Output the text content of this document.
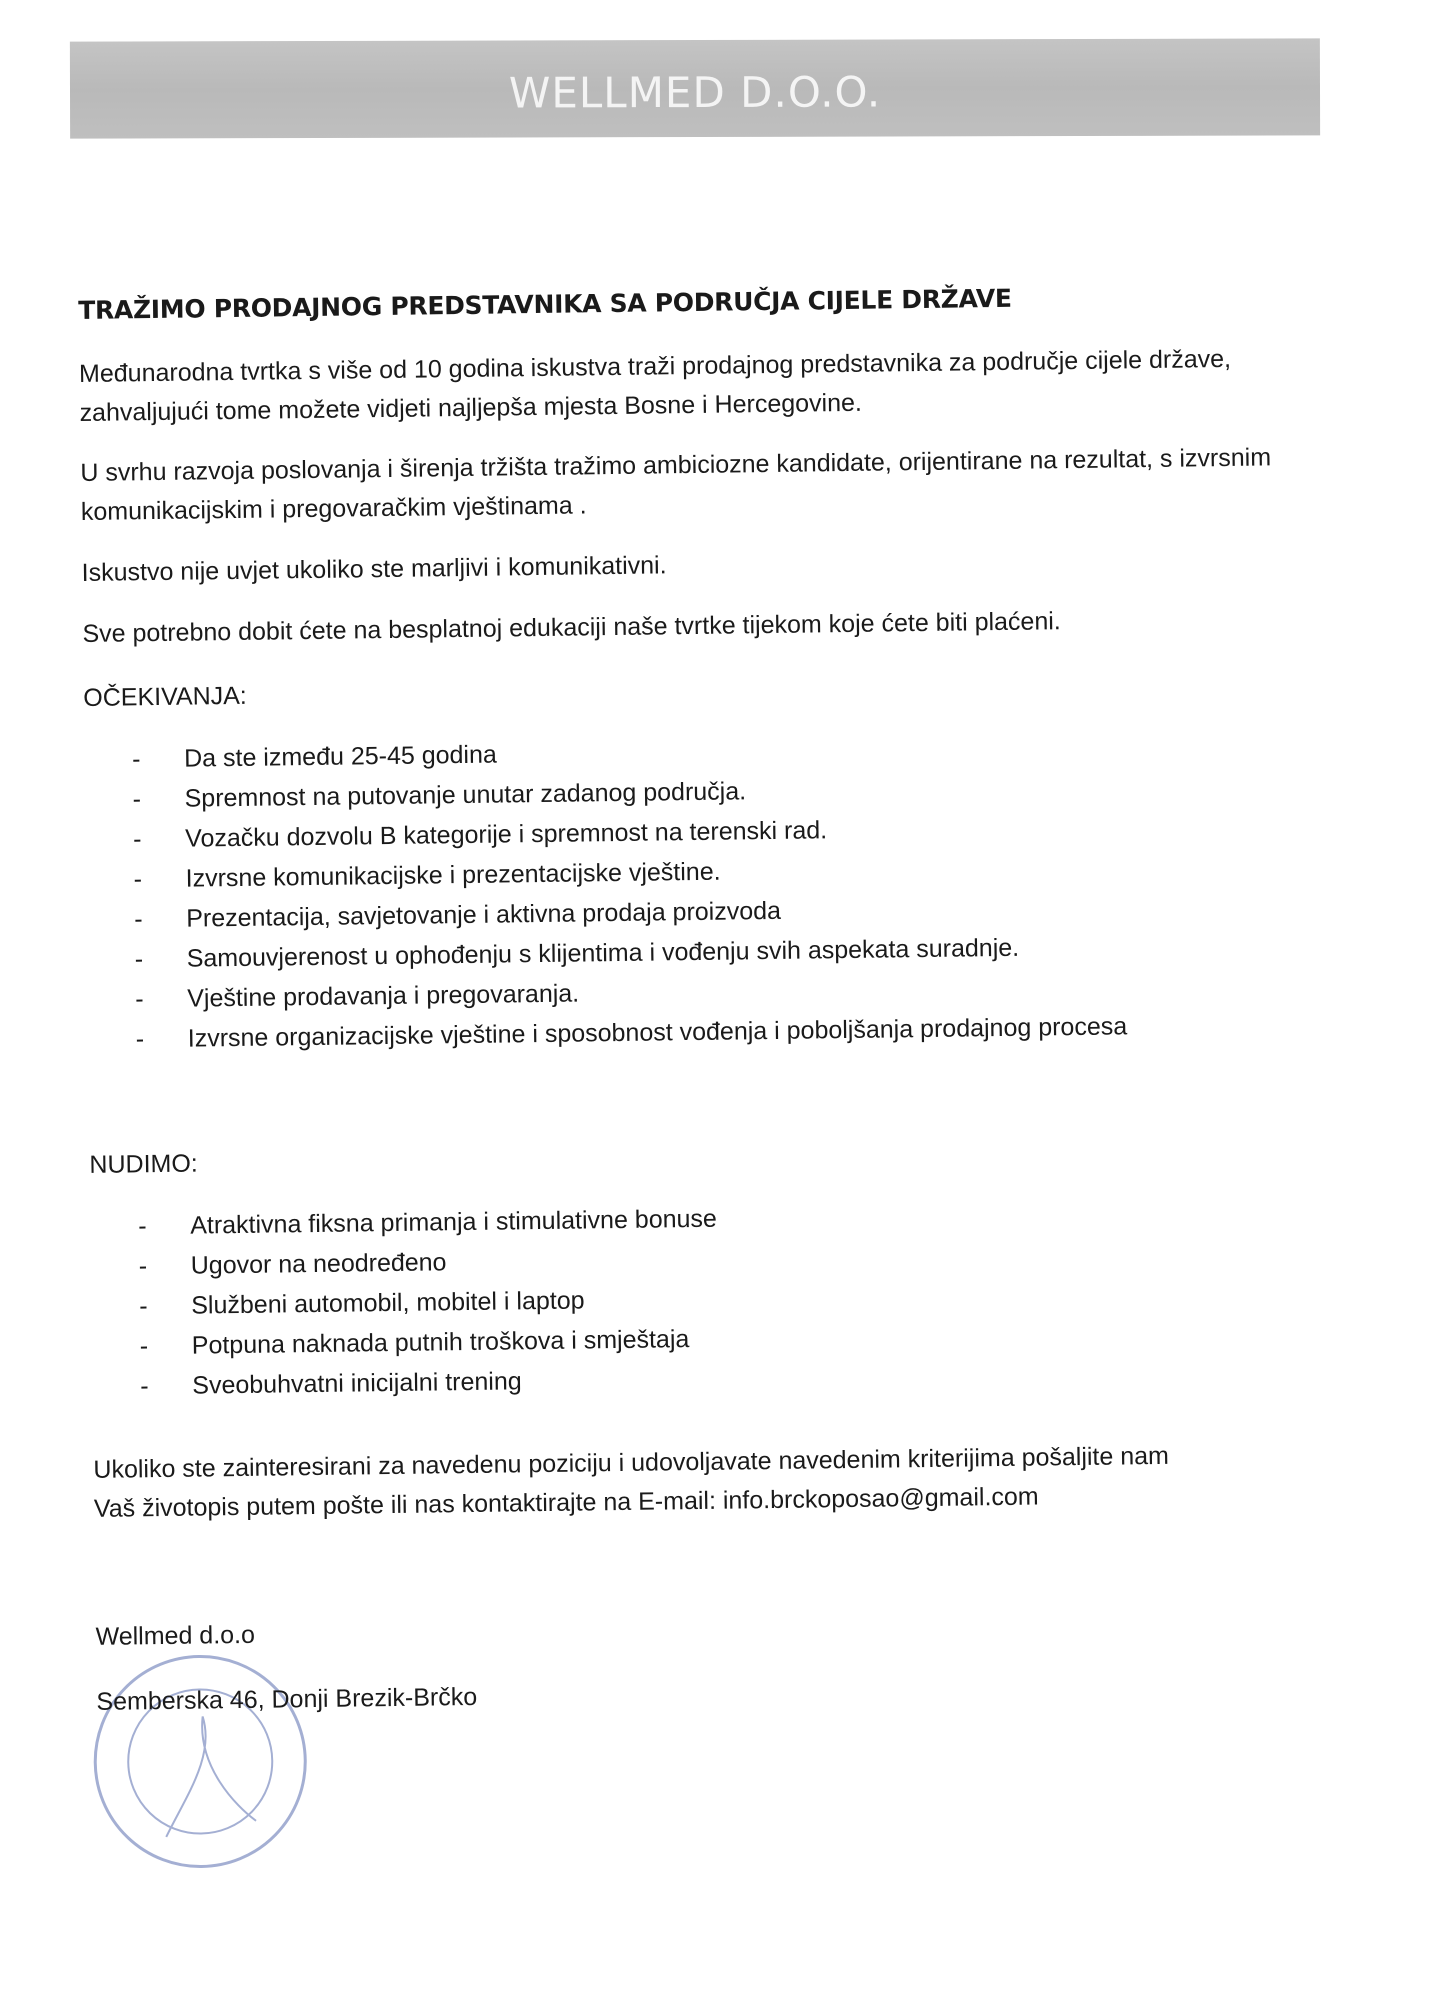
WELLMED D.O.O.
TRAŽIMO PRODAJNOG PREDSTAVNIKA SA PODRUČJA CIJELE DRŽAVE
Međunarodna tvrtka s više od 10 godina iskustva traži prodajnog predstavnika za područje cijele države, zahvaljujući tome možete vidjeti najljepša mjesta Bosne i Hercegovine.
U svrhu razvoja poslovanja i širenja tržišta tražimo ambiciozne kandidate, orijentirane na rezultat, s izvrsnim komunikacijskim i pregovaračkim vještinama .
Iskustvo nije uvjet ukoliko ste marljivi i komunikativni.
Sve potrebno dobit ćete na besplatnoj edukaciji naše tvrtke tijekom koje ćete biti plaćeni.
OČEKIVANJA:
- Da ste između 25-45 godina
- Spremnost na putovanje unutar zadanog područja.
- Vozačku dozvolu B kategorije i spremnost na terenski rad.
- Izvrsne komunikacijske i prezentacijske vještine.
- Prezentacija, savjetovanje i aktivna prodaja proizvoda
- Samouvjerenost u ophođenju s klijentima i vođenju svih aspekata suradnje.
- Vještine prodavanja i pregovaranja.
- Izvrsne organizacijske vještine i sposobnost vođenja i poboljšanja prodajnog procesa
NUDIMO:
- Atraktivna fiksna primanja i stimulativne bonuse
- Ugovor na neodređeno
- Službeni automobil, mobitel i laptop
- Potpuna naknada putnih troškova i smještaja
- Sveobuhvatni inicijalni trening
Ukoliko ste zainteresirani za navedenu poziciju i udovoljavate navedenim kriterijima pošaljite nam
Vaš životopis putem pošte ili nas kontaktirajte na E-mail: info.brckoposao@gmail.com
Wellmed d.o.o
Semberska 46, Donji Brezik-Brčko
